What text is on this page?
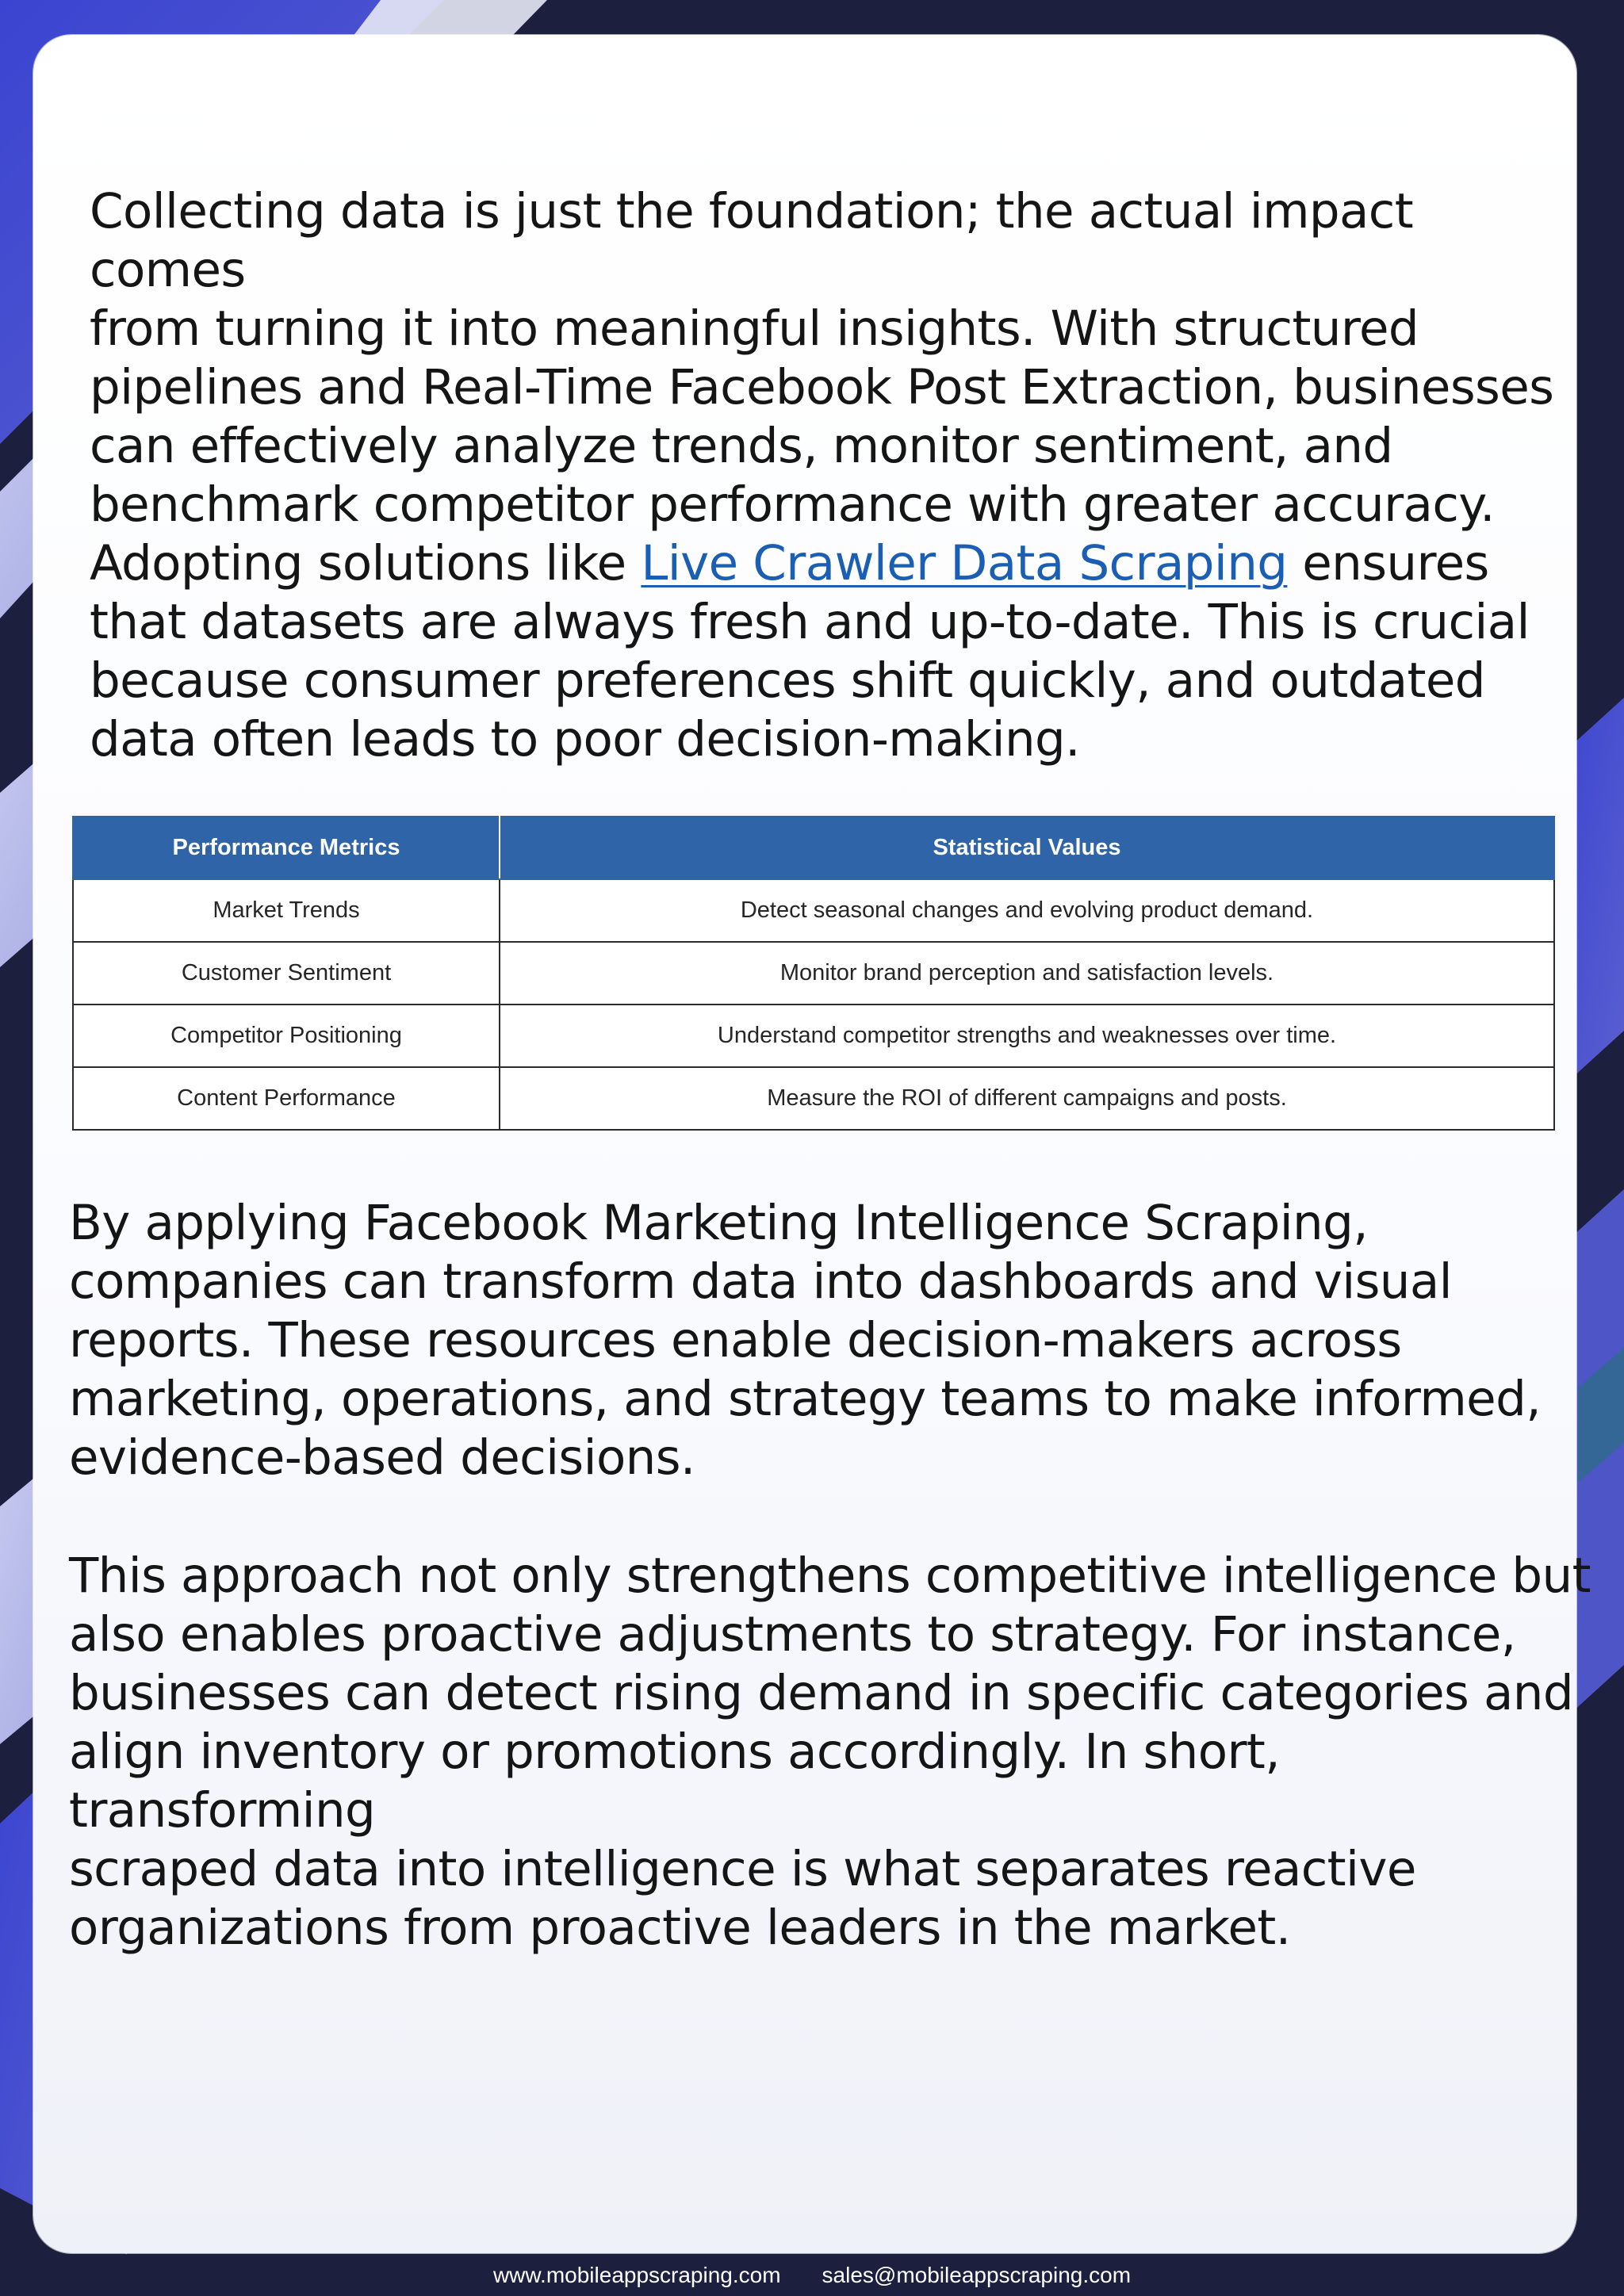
Collecting data is just the foundation; the actual impact comes
from turning it into meaningful insights. With structured
pipelines and Real-Time Facebook Post Extraction, businesses
can effectively analyze trends, monitor sentiment, and
benchmark competitor performance with greater accuracy.

Adopting solutions like Live Crawler Data Scraping ensures
that datasets are always fresh and up-to-date. This is crucial
because consumer preferences shift quickly, and outdated
data often leads to poor decision-making.

Performance Metrics	Statistical Values
Market Trends	Detect seasonal changes and evolving product demand.
Customer Sentiment	Monitor brand perception and satisfaction levels.
Competitor Positioning	Understand competitor strengths and weaknesses over time.
Content Performance	Measure the ROI of different campaigns and posts.

By applying Facebook Marketing Intelligence Scraping,
companies can transform data into dashboards and visual
reports. These resources enable decision-makers across
marketing, operations, and strategy teams to make informed,
evidence-based decisions.

This approach not only strengthens competitive intelligence but
also enables proactive adjustments to strategy. For instance,
businesses can detect rising demand in specific categories and
align inventory or promotions accordingly. In short, transforming
scraped data into intelligence is what separates reactive
organizations from proactive leaders in the market.

www.mobileappscraping.com sales@mobileappscraping.com
